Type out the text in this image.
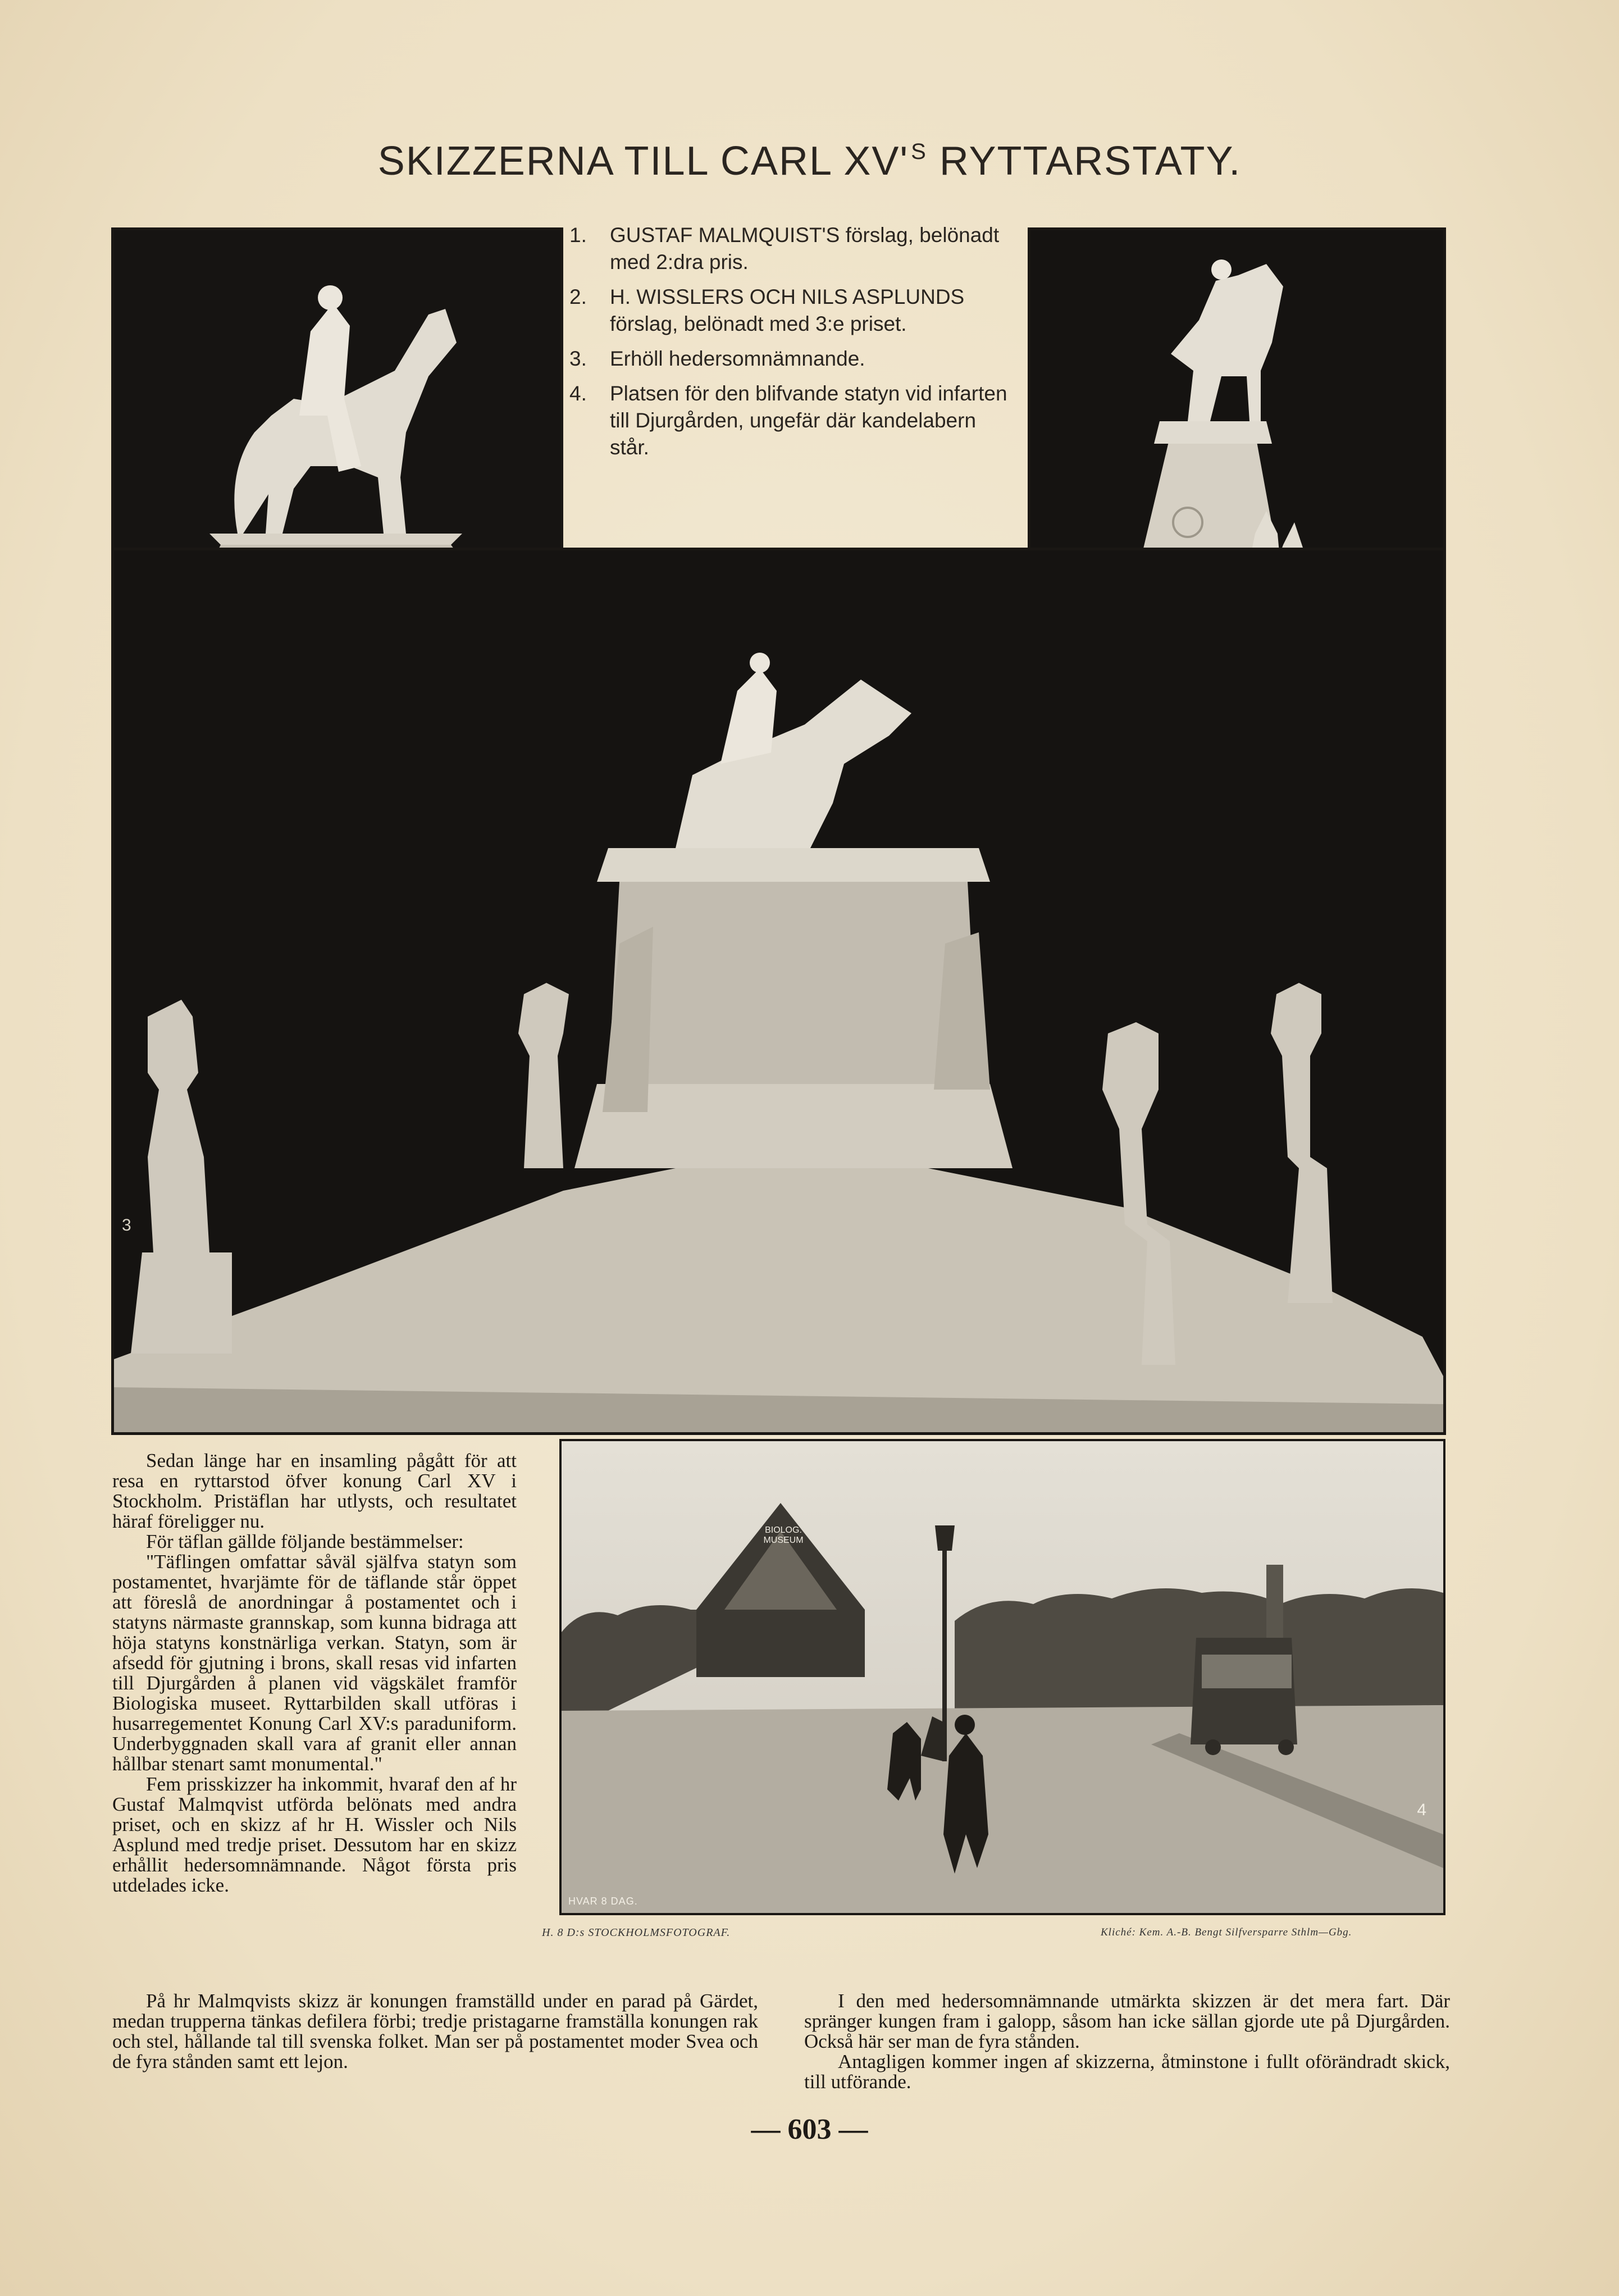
SKIZZERNA TILL CARL XV' $^S$ RYTTARSTATY.
1. GUSTAF MALMQUIST'S förslag, belönadt med 2:dra pris.
2. H. WISSLERS OCH NILS ASPLUNDS förslag, belönadt med 3:e priset.
3. Erhöll hedersomnämnande.
4. Platsen för den blifvande statyn vid infarten till Djurgården, ungefär där kandelabern står.
3

Sedan länge har en insamling pågått för att resa en ryttarstod öfver konung Carl XV i Stockholm. Pristäflan har utlysts, och resultatet häraf föreligger nu.

För täflan gällde följande bestämmelser:

"Täflingen omfattar såväl själfva statyn som postamentet, hvarjämte för de täflande står öppet att föreslå de anordningar å postamentet och i statyns närmaste grannskap, som kunna bidraga att höja statyns konstnärliga verkan. Statyn, som är afsedd för gjutning i brons, skall resas vid infarten till Djurgården å planen vid vägskälet framför Biologiska museet. Ryttarbilden skall utföras i husarregementet Konung Carl XV:s paraduniform. Underbyggnaden skall vara af granit eller annan hållbar stenart samt monumental."

Fem prisskizzer ha inkommit, hvaraf den af hr Gustaf Malmqvist utförda belönats med andra priset, och en skizz af hr H. Wissler och Nils Asplund med tredje priset. Dessutom har en skizz erhållit hedersomnämnande. Något första pris utdelades icke.

BIOLOG. MUSEUM
HVAR 8 DAG.
4
H. 8 D:s STOCKHOLMSFOTOGRAF.	Kliché: Kem. A.-B. Bengt Silfversparre Sthlm—Gbg.

På hr Malmqvists skizz är konungen framställd under en parad på Gärdet, medan trupperna tänkas defilera förbi; tredje pristagarne framställa konungen rak och stel, hållande tal till svenska folket. Man ser på postamentet moder Svea och de fyra stånden samt ett lejon.

I den med hedersomnämnande utmärkta skizzen är det mera fart. Där spränger kungen fram i galopp, såsom han icke sällan gjorde ute på Djurgården. Också här ser man de fyra stånden.

Antagligen kommer ingen af skizzerna, åtminstone i fullt oförändradt skick, till utförande.

— 603 —
